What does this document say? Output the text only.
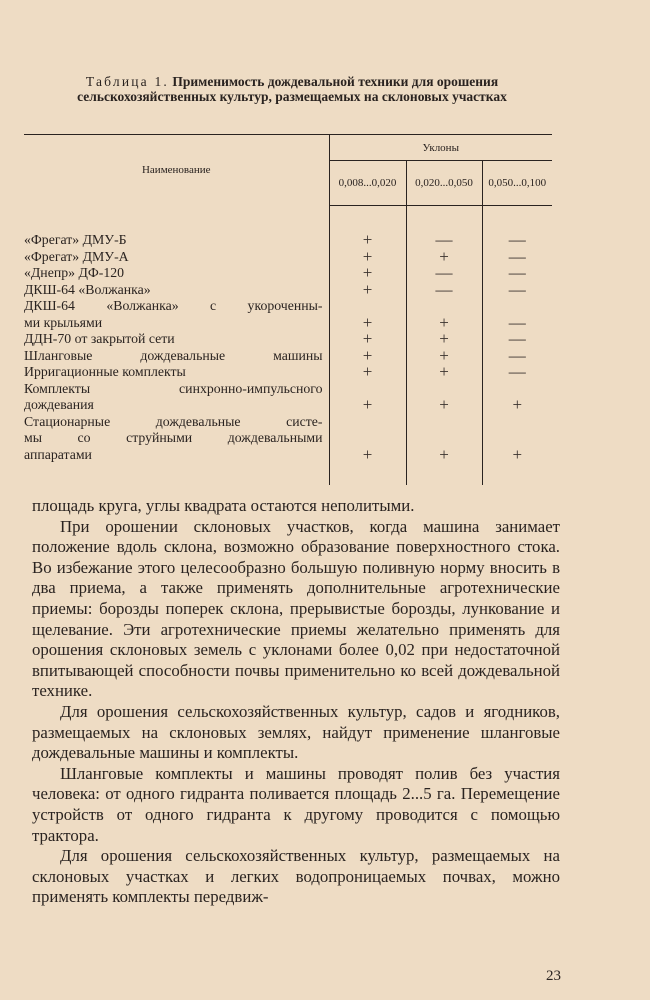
Таблица 1. Применимость дождевальной техники для орошения сельскохозяйственных культур, размещаемых на склоновых участках
Наименование	Уклоны		
	0,008...0,020	0,020...0,050	0,050...0,100

«Фрегат» ДМУ-Б	+	—	—
«Фрегат» ДМУ-А	+	+	—
«Днепр» ДФ-120	+	—	—
ДКШ-64 «Волжанка»	+	—	—
ДКШ-64 «Волжанка» с укороченны-			
ми крыльями	+	+	—
ДДН-70 от закрытой сети	+	+	—
Шланговые дождевальные машины	+	+	—
Ирригационные комплекты	+	+	—
Комплекты синхронно-импульсного			
дождевания	+	+	+
Стационарные дождевальные систе-			
мы со струйными дождевальными			
аппаратами	+	+	+

площадь круга, углы квадрата остаются неполитыми.

При орошении склоновых участков, когда машина занимает положение вдоль склона, возможно образование поверхностного стока. Во избежание этого целесообразно большую поливную норму вносить в два приема, а также применять дополнительные агротехнические приемы: борозды поперек склона, прерывистые борозды, лункование и щелевание. Эти агротехнические приемы желательно применять для орошения склоновых земель с уклонами более 0,02 при недостаточной впитывающей способности почвы применительно ко всей дождевальной технике.

Для орошения сельскохозяйственных культур, садов и ягодников, размещаемых на склоновых землях, найдут применение шланговые дождевальные машины и комплекты.

Шланговые комплекты и машины проводят полив без участия человека: от одного гидранта поливается площадь 2...5 га. Перемещение устройств от одного гидранта к другому проводится с помощью трактора.

Для орошения сельскохозяйственных культур, размещаемых на склоновых участках и легких водопроницаемых почвах, можно применять комплекты передвиж-

23
